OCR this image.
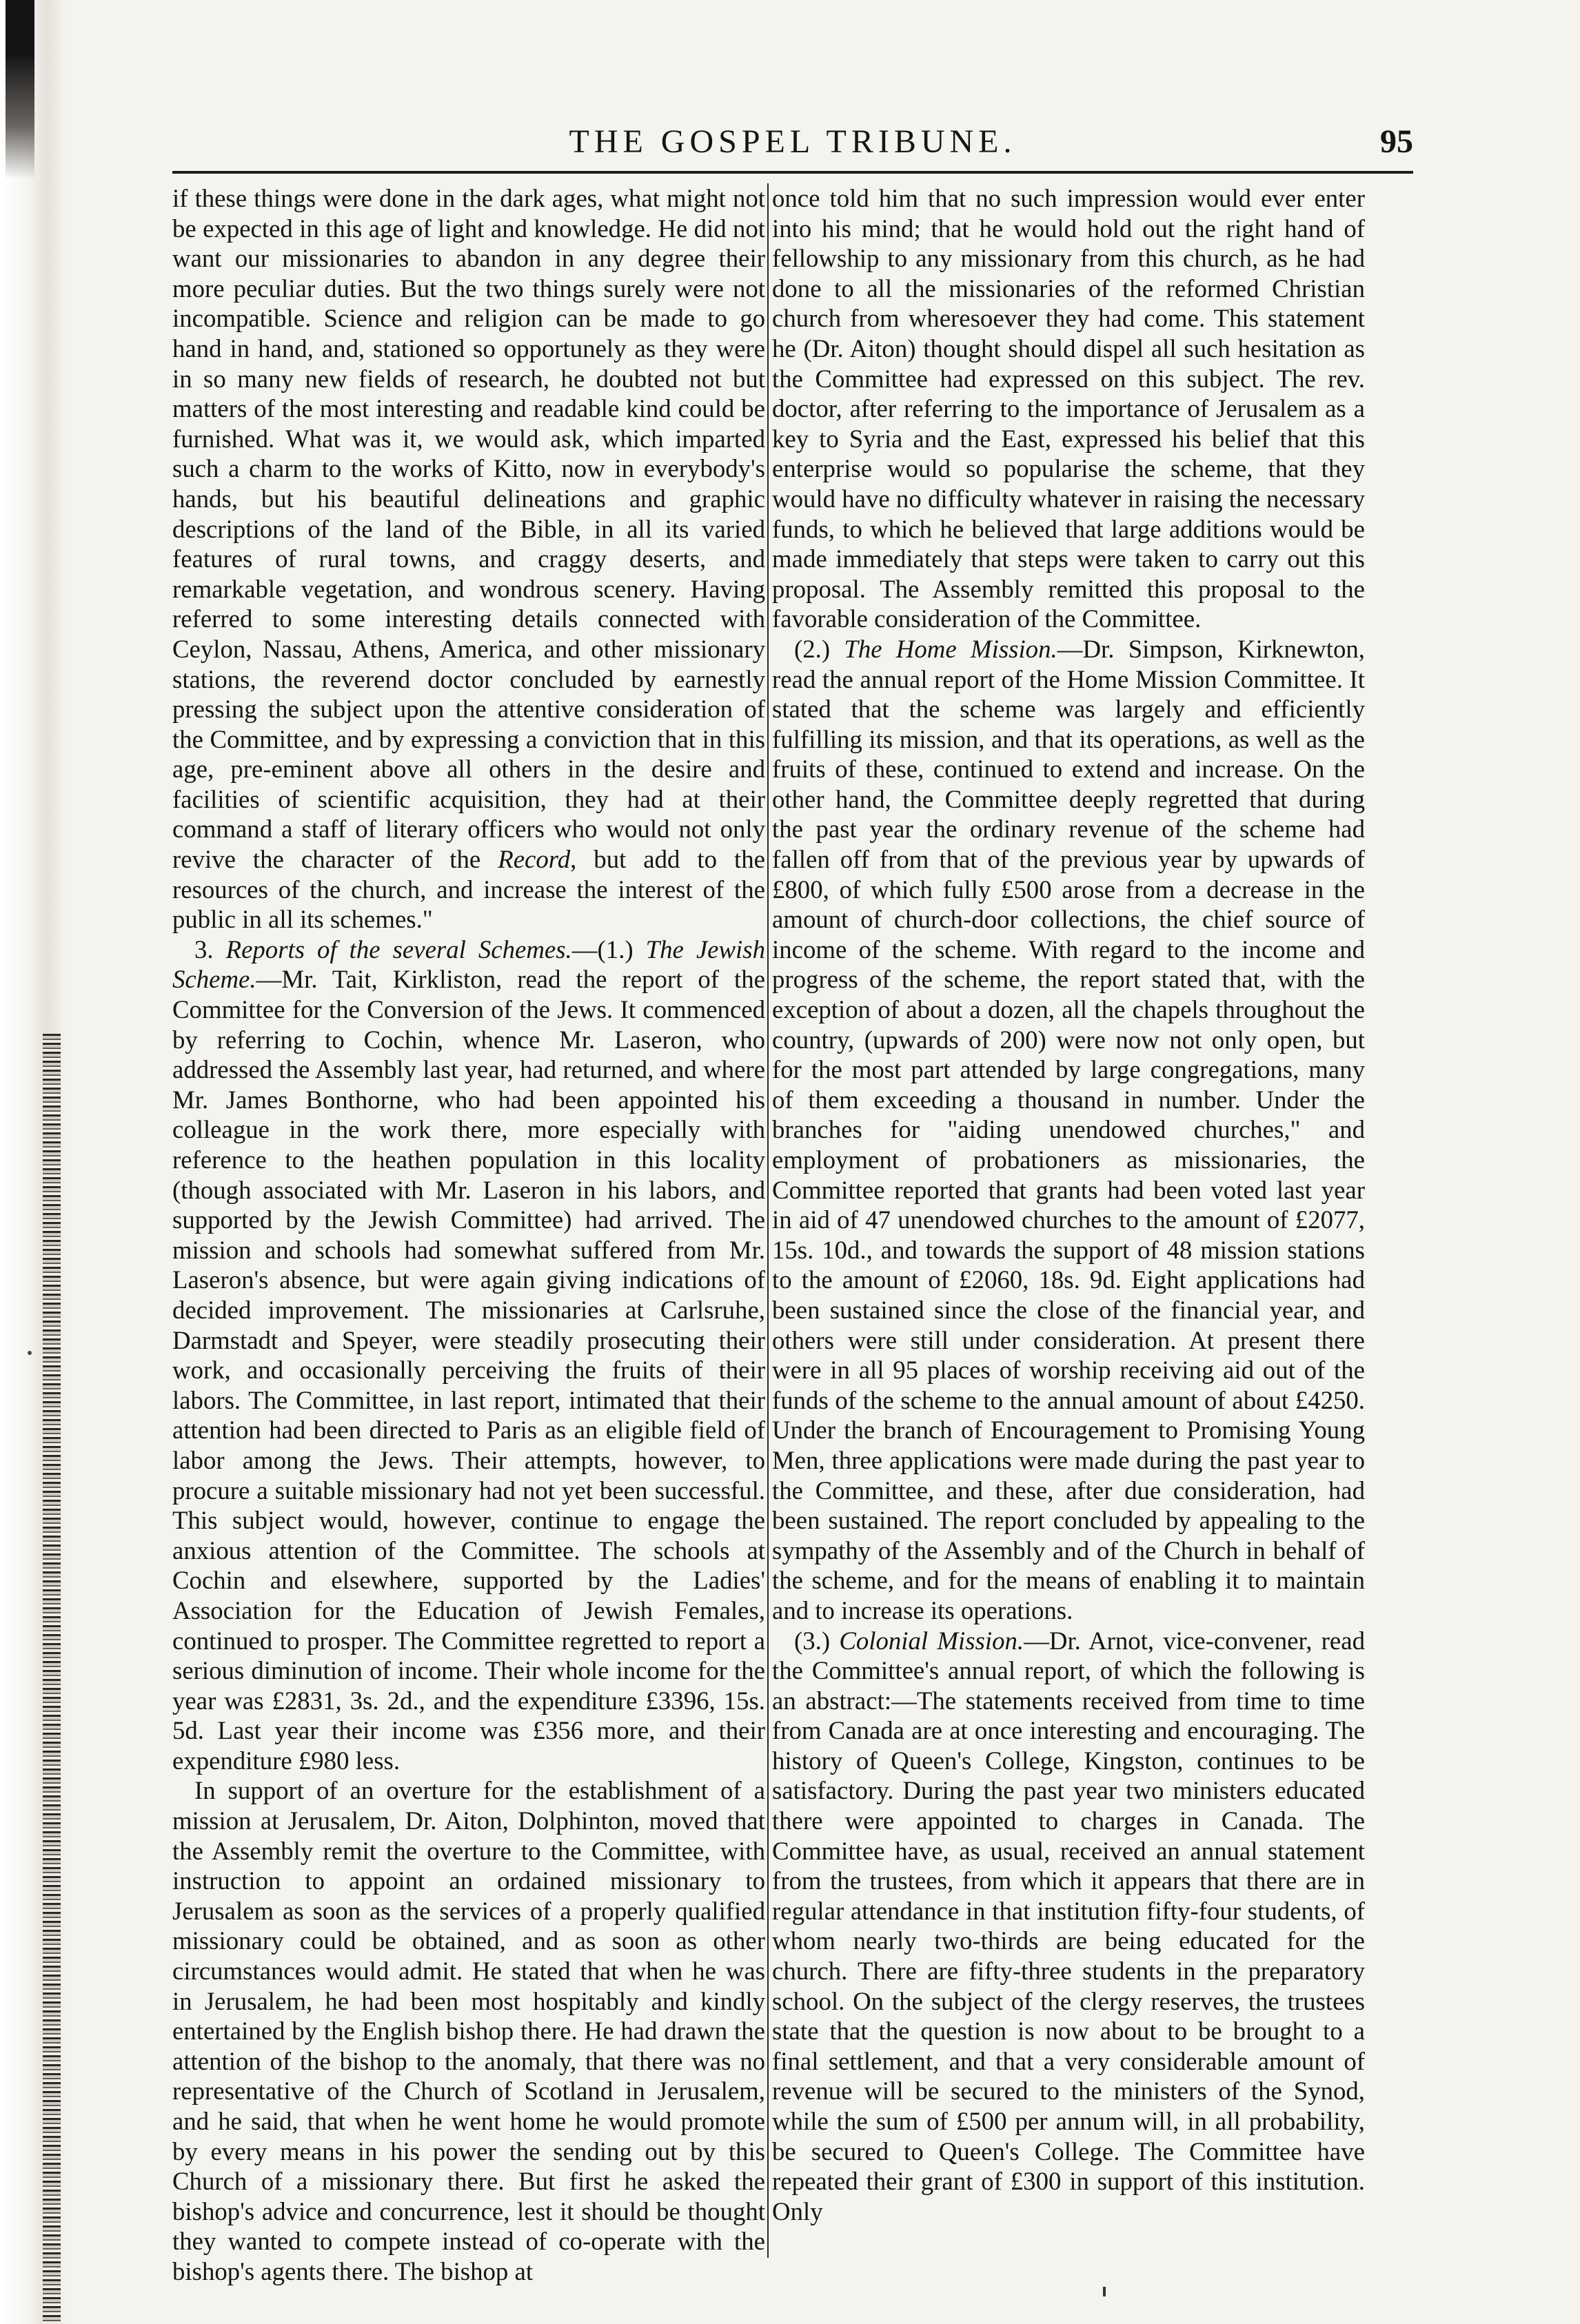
THE GOSPEL TRIBUNE.	95

if these things were done in the dark ages, what might not be expected in this age of light and knowledge. He did not want our missionaries to abandon in any degree their more peculiar duties. But the two things surely were not incompatible. Science and religion can be made to go hand in hand, and, stationed so opportunely as they were in so many new fields of research, he doubted not but matters of the most interesting and readable kind could be furnished. What was it, we would ask, which imparted such a charm to the works of Kitto, now in everybody's hands, but his beautiful delineations and graphic descriptions of the land of the Bible, in all its varied features of rural towns, and craggy deserts, and remarkable vegetation, and wondrous scenery. Having referred to some interesting details connected with Ceylon, Nassau, Athens, America, and other missionary stations, the reverend doctor concluded by earnestly pressing the subject upon the attentive consideration of the Committee, and by expressing a conviction that in this age, pre-eminent above all others in the desire and facilities of scientific acquisition, they had at their command a staff of literary officers who would not only revive the character of the Record, but add to the resources of the church, and increase the interest of the public in all its schemes."

3. Reports of the several Schemes.—(1.) The Jewish Scheme.—Mr. Tait, Kirkliston, read the report of the Committee for the Conversion of the Jews. It commenced by referring to Cochin, whence Mr. Laseron, who addressed the Assembly last year, had returned, and where Mr. James Bonthorne, who had been appointed his colleague in the work there, more especially with reference to the heathen population in this locality (though associated with Mr. Laseron in his labors, and supported by the Jewish Committee) had arrived. The mission and schools had somewhat suffered from Mr. Laseron's absence, but were again giving indications of decided improvement. The missionaries at Carlsruhe, Darmstadt and Speyer, were steadily prosecuting their work, and occasionally perceiving the fruits of their labors. The Committee, in last report, intimated that their attention had been directed to Paris as an eligible field of labor among the Jews. Their attempts, however, to procure a suitable missionary had not yet been successful. This subject would, however, continue to engage the anxious attention of the Committee. The schools at Cochin and elsewhere, supported by the Ladies' Association for the Education of Jewish Females, continued to prosper. The Committee regretted to report a serious diminution of income. Their whole income for the year was £2831, 3s. 2d., and the expenditure £3396, 15s. 5d. Last year their income was £356 more, and their expenditure £980 less.

In support of an overture for the establishment of a mission at Jerusalem, Dr. Aiton, Dolphinton, moved that the Assembly remit the overture to the Committee, with instruction to appoint an ordained missionary to Jerusalem as soon as the services of a properly qualified missionary could be obtained, and as soon as other circumstances would admit. He stated that when he was in Jerusalem, he had been most hospitably and kindly entertained by the English bishop there. He had drawn the attention of the bishop to the anomaly, that there was no representative of the Church of Scotland in Jerusalem, and he said, that when he went home he would promote by every means in his power the sending out by this Church of a missionary there. But first he asked the bishop's advice and concurrence, lest it should be thought they wanted to compete instead of co-operate with the bishop's agents there. The bishop at

once told him that no such impression would ever enter into his mind; that he would hold out the right hand of fellowship to any missionary from this church, as he had done to all the missionaries of the reformed Christian church from wheresoever they had come. This statement he (Dr. Aiton) thought should dispel all such hesitation as the Committee had expressed on this subject. The rev. doctor, after referring to the importance of Jerusalem as a key to Syria and the East, expressed his belief that this enterprise would so popularise the scheme, that they would have no difficulty whatever in raising the necessary funds, to which he believed that large additions would be made immediately that steps were taken to carry out this proposal. The Assembly remitted this proposal to the favorable consideration of the Committee.

(2.) The Home Mission.—Dr. Simpson, Kirknewton, read the annual report of the Home Mission Committee. It stated that the scheme was largely and efficiently fulfilling its mission, and that its operations, as well as the fruits of these, continued to extend and increase. On the other hand, the Committee deeply regretted that during the past year the ordinary revenue of the scheme had fallen off from that of the previous year by upwards of £800, of which fully £500 arose from a decrease in the amount of church-door collections, the chief source of income of the scheme. With regard to the income and progress of the scheme, the report stated that, with the exception of about a dozen, all the chapels throughout the country, (upwards of 200) were now not only open, but for the most part attended by large congregations, many of them exceeding a thousand in number. Under the branches for "aiding unendowed churches," and employment of probationers as missionaries, the Committee reported that grants had been voted last year in aid of 47 unendowed churches to the amount of £2077, 15s. 10d., and towards the support of 48 mission stations to the amount of £2060, 18s. 9d. Eight applications had been sustained since the close of the financial year, and others were still under consideration. At present there were in all 95 places of worship receiving aid out of the funds of the scheme to the annual amount of about £4250. Under the branch of Encouragement to Promising Young Men, three applications were made during the past year to the Committee, and these, after due consideration, had been sustained. The report concluded by appealing to the sympathy of the Assembly and of the Church in behalf of the scheme, and for the means of enabling it to maintain and to increase its operations.

(3.) Colonial Mission.—Dr. Arnot, vice-convener, read the Committee's annual report, of which the following is an abstract:—The statements received from time to time from Canada are at once interesting and encouraging. The history of Queen's College, Kingston, continues to be satisfactory. During the past year two ministers educated there were appointed to charges in Canada. The Committee have, as usual, received an annual statement from the trustees, from which it appears that there are in regular attendance in that institution fifty-four students, of whom nearly two-thirds are being educated for the church. There are fifty-three students in the preparatory school. On the subject of the clergy reserves, the trustees state that the question is now about to be brought to a final settlement, and that a very considerable amount of revenue will be secured to the ministers of the Synod, while the sum of £500 per annum will, in all probability, be secured to Queen's College. The Committee have repeated their grant of £300 in support of this institution. Only
